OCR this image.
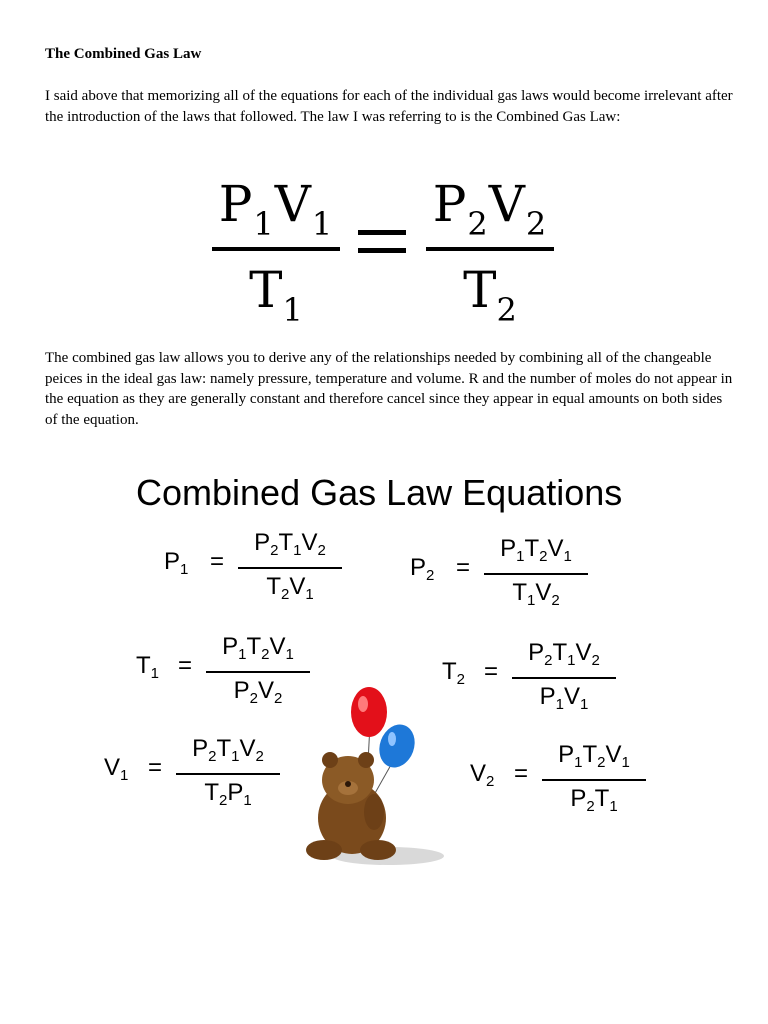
The Combined Gas Law

I said above that memorizing all of the equations for each of the individual gas laws would become irrelevant after the introduction of the laws that followed. The law I was referring to is the Combined Gas Law:

$P_1V_1$
$T_1$
$P_2V_2$
$T_2$

The combined gas law allows you to derive any of the relationships needed by combining all of the changeable peices in the ideal gas law: namely pressure, temperature and volume. R and the number of moles do not appear in the equation as they are generally constant and therefore cancel since they appear in equal amounts on both sides of the equation.

Combined Gas Law Equations
$P_1$ =
$P_2T_1V_2$
$T_2V_1$
$P_2$ =
$P_1T_2V_1$
$T_1V_2$
$T_1$ =
$P_1T_2V_1$
$P_2V_2$
$T_2$ =
$P_2T_1V_2$
$P_1V_1$
$V_1$ =
$P_2T_1V_2$
$T_2P_1$
$V_2$ =
$P_1T_2V_1$
$P_2T_1$
